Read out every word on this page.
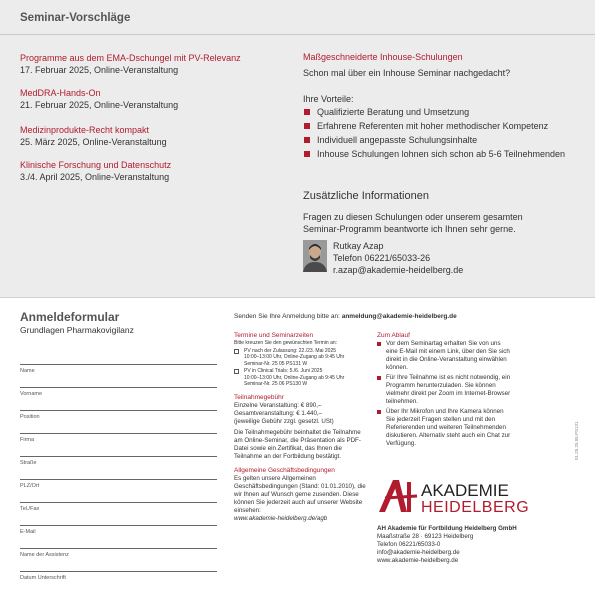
Seminar-Vorschläge
Programme aus dem EMA-Dschungel mit PV-Relevanz
17. Februar 2025, Online-Veranstaltung
MedDRA-Hands-On
21. Februar 2025, Online-Veranstaltung
Medizinprodukte-Recht kompakt
25. März 2025, Online-Veranstaltung
Klinische Forschung und Datenschutz
3./4. April 2025, Online-Veranstaltung
Maßgeschneiderte Inhouse-Schulungen
Schon mal über ein Inhouse Seminar nachgedacht?
Ihre Vorteile:
Qualifizierte Beratung und Umsetzung
Erfahrene Referenten mit hoher methodischer Kompetenz
Individuell angepasste Schulungsinhalte
Inhouse Schulungen lohnen sich schon ab 5-6 Teilnehmenden
Zusätzliche Informationen
Fragen zu diesen Schulungen oder unserem gesamten Seminar-Programm beantworte ich Ihnen sehr gerne.
Rutkay Azap
Telefon 06221/65033-26
r.azap@akademie-heidelberg.de
Anmeldeformular
Grundlagen Pharmakovigilanz
Name
Vorname
Position
Firma
Straße
PLZ/Ort
Tel./Fax
E-Mail
Name der Assistenz
Datum Unterschrift
Senden Sie Ihre Anmeldung bitte an: anmeldung@akademie-heidelberg.de
Termine und Seminarzeiten
Bitte kreuzen Sie den gewünschten Termin an:
PV nach der Zulassung: 22./23. Mai 2025
10:00–13:00 Uhr, Online-Zugang ab 9:45 Uhr
Seminar-Nr. 25 05 PS131 W
PV in Clinical Trials: 5./6. Juni 2025
10:00–13:00 Uhr, Online-Zugang ab 9:45 Uhr
Seminar-Nr. 25 06 PS130 W
Teilnahmegebühr
Einzelne Veranstaltung: € 890,–
Gesamtveranstaltung: € 1.440,–
(jeweilige Gebühr zzgl. gesetzl. USt)
Die Teilnahmegebühr beinhaltet die Teilnahme am Online-Seminar, die Präsentation als PDF-Datei sowie ein Zertifikat, das Ihnen die Teilnahme an der Fortbildung bestätigt.
Allgemeine Geschäftsbedingungen
Es gelten unsere Allgemeinen Geschäftsbedingungen (Stand: 01.01.2010), die wir Ihnen auf Wunsch gerne zusenden. Diese können Sie jederzeit auch auf unserer Website einsehen:
www.akademie-heidelberg.de/agb
Zum Ablauf
Vor dem Seminartag erhalten Sie von uns eine E-Mail mit einem Link, über den Sie sich direkt in die Online-Veranstaltung einwählen können.
Für Ihre Teilnahme ist es nicht notwendig, ein Programm herunterzuladen. Sie können vielmehr direkt per Zoom im Internet-Browser teilnehmen.
Über Ihr Mikrofon und Ihre Kamera können Sie jederzeit Fragen stellen und mit den Referierenden und weiteren Teilnehmenden diskutieren. Alternativ steht auch ein Chat zur Verfügung.
AKADEMIE
HEIDELBERG
AH Akademie für Fortbildung Heidelberg GmbH
Maaßstraße 28 · 69123 Heidelberg
Telefon 06221/65033-0
info@akademie-heidelberg.de
www.akademie-heidelberg.de
01.25.25.05.PS131
